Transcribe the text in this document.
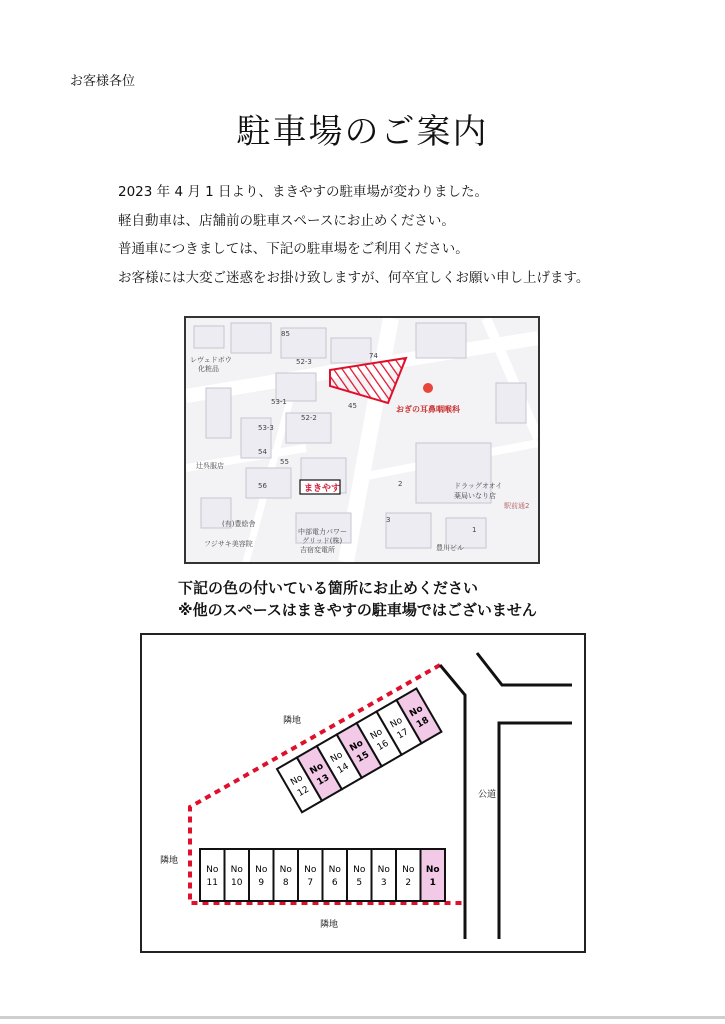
お客様各位
駐車場のご案内
2023 年 4 月 1 日より、まきやすの駐車場が変わりました。
軽自動車は、店舗前の駐車スペースにお止めください。
普通車につきましては、下記の駐車場をご利用ください。
お客様には大変ご迷惑をお掛け致しますが、何卒宜しくお願い申し上げます。
おぎの耳鼻咽喉科
まきやす
レヴェドボウ
化粧品
辻呉服店
ドラッグオオイ
薬局いなり店
駅前通2
(有)豊絵舎
フジサキ美容院
中部電力パワー
グリッド(株)
吉宿変電所	豊川ビル
52-3
53-1
52-2
53-3
54
55
56
45
74
85
2
3
1
下記の色の付いている箇所にお止めください
※他のスペースはまきやすの駐車場ではございません
No
11
No
10
No
9
No
8
No
7
No
6
No
5
No
3
No
2
No
1
No
12
No
13
No
14
No
15
No
16
No
17
No
18
隣地
隣地
隣地
公道
